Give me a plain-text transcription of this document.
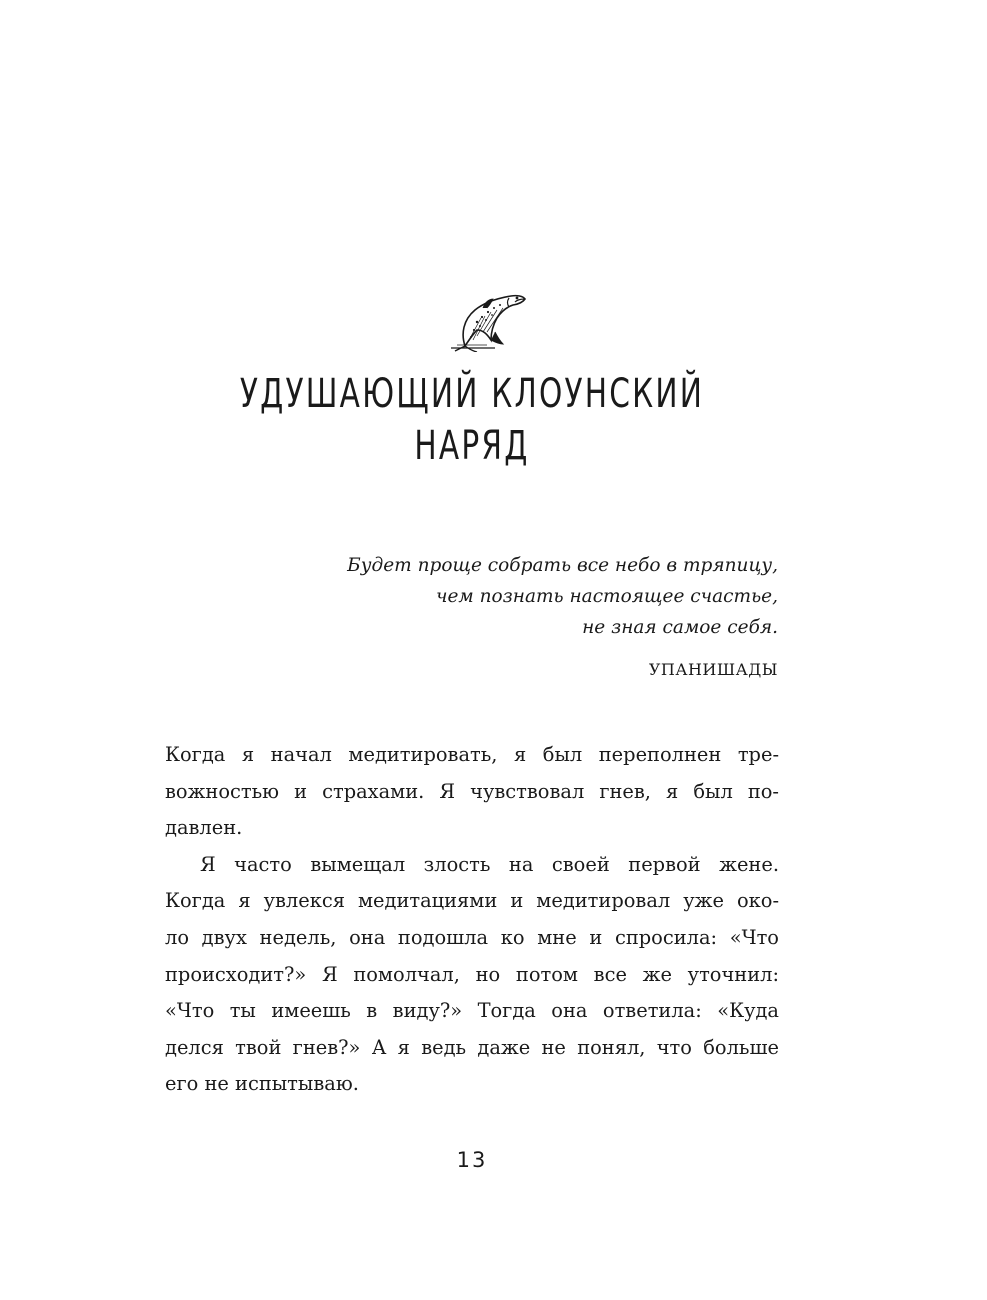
УДУШАЮЩИЙ КЛОУНСКИЙ
НАРЯД
Будет проще собрать все небо в тряпицу,
чем познать настоящее счастье,
не зная самое себя.
УПАНИШАДЫ
Когда я начал медитировать, я был переполнен тре-
вожностью и страхами. Я чувствовал гнев, я был по-
давлен.
Я часто вымещал злость на своей первой жене.
Когда я увлекся медитациями и медитировал уже око-
ло двух недель, она подошла ко мне и спросила: «Что
происходит?» Я помолчал, но потом все же уточнил:
«Что ты имеешь в виду?» Тогда она ответила: «Куда
делся твой гнев?» А я ведь даже не понял, что больше
его не испытываю.
13
